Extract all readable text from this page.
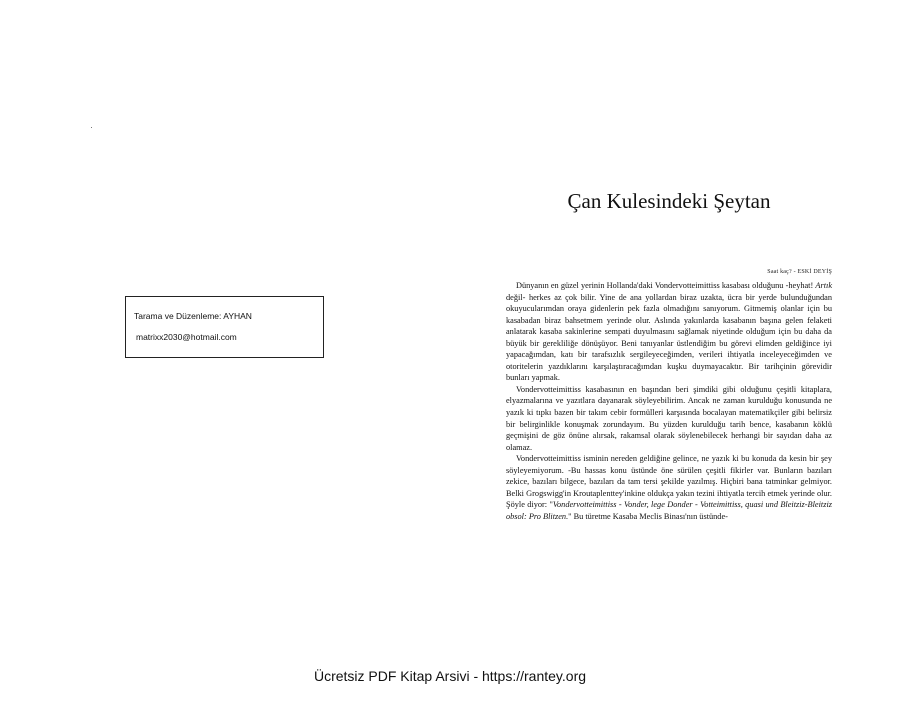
Tarama ve Düzenleme: AYHAN
matrixx2030@hotmail.com
Çan Kulesindeki Şeytan
Saat kaç? - ESKİ DEYİŞ

Dünyanın en güzel yerinin Hollanda'daki Vondervotteimittiss kasabası olduğunu -heyhat! Artık değil- herkes az çok bilir. Yine de ana yollardan biraz uzakta, ücra bir yerde bulunduğundan okuyucularımdan oraya gidenlerin pek fazla olmadığını sanıyorum. Gitmemiş olanlar için bu kasabadan biraz bahsetmem yerinde olur. Aslında yakınlarda kasabanın başına gelen felaketi anlatarak kasaba sakinlerine sempati duyulmasını sağlamak niyetinde olduğum için bu daha da büyük bir gerekliliğe dönüşüyor. Beni tanıyanlar üstlendiğim bu görevi elimden geldiğince iyi yapacağımdan, katı bir tarafsızlık sergileyeceğimden, verileri ihtiyatla inceleyeceğimden ve otoritelerin yazdıklarını karşılaştıracağımdan kuşku duymayacaktır. Bir tarihçinin görevidir bunları yapmak.

Vondervotteimittiss kasabasının en başından beri şimdiki gibi olduğunu çeşitli kitaplara, elyazmalarına ve yazıtlara dayanarak söyleyebilirim. Ancak ne zaman kurulduğu konusunda ne yazık ki tıpkı bazen bir takım cebir formülleri karşısında bocalayan matematikçiler gibi belirsiz bir belirginlikle konuşmak zorundayım. Bu yüzden kurulduğu tarih bence, kasabanın köklü geçmişini de göz önüne alırsak, rakamsal olarak söylenebilecek herhangi bir sayıdan daha az olamaz.

Vondervotteimittiss isminin nereden geldiğine gelince, ne yazık ki bu konuda da kesin bir şey söyleyemiyorum. -Bu hassas konu üstünde öne sürülen çeşitli fikirler var. Bunların bazıları zekice, bazıları bilgece, bazıları da tam tersi şekilde yazılmış. Hiçbiri bana tatminkar gelmiyor. Belki Grogswigg'in Kroutaplenttey'inkine oldukça yakın tezini ihtiyatla tercih etmek yerinde olur. Şöyle diyor: "Vondervotteimittiss - Vonder, lege Donder - Votteimittiss, quasi und Bleitziz-Bleitziz obsol: Pro Blitzen." Bu türetme Kasaba Meclis Binası'nın üstünde-

Ücretsiz PDF Kitap Arsivi - https://rantey.org
